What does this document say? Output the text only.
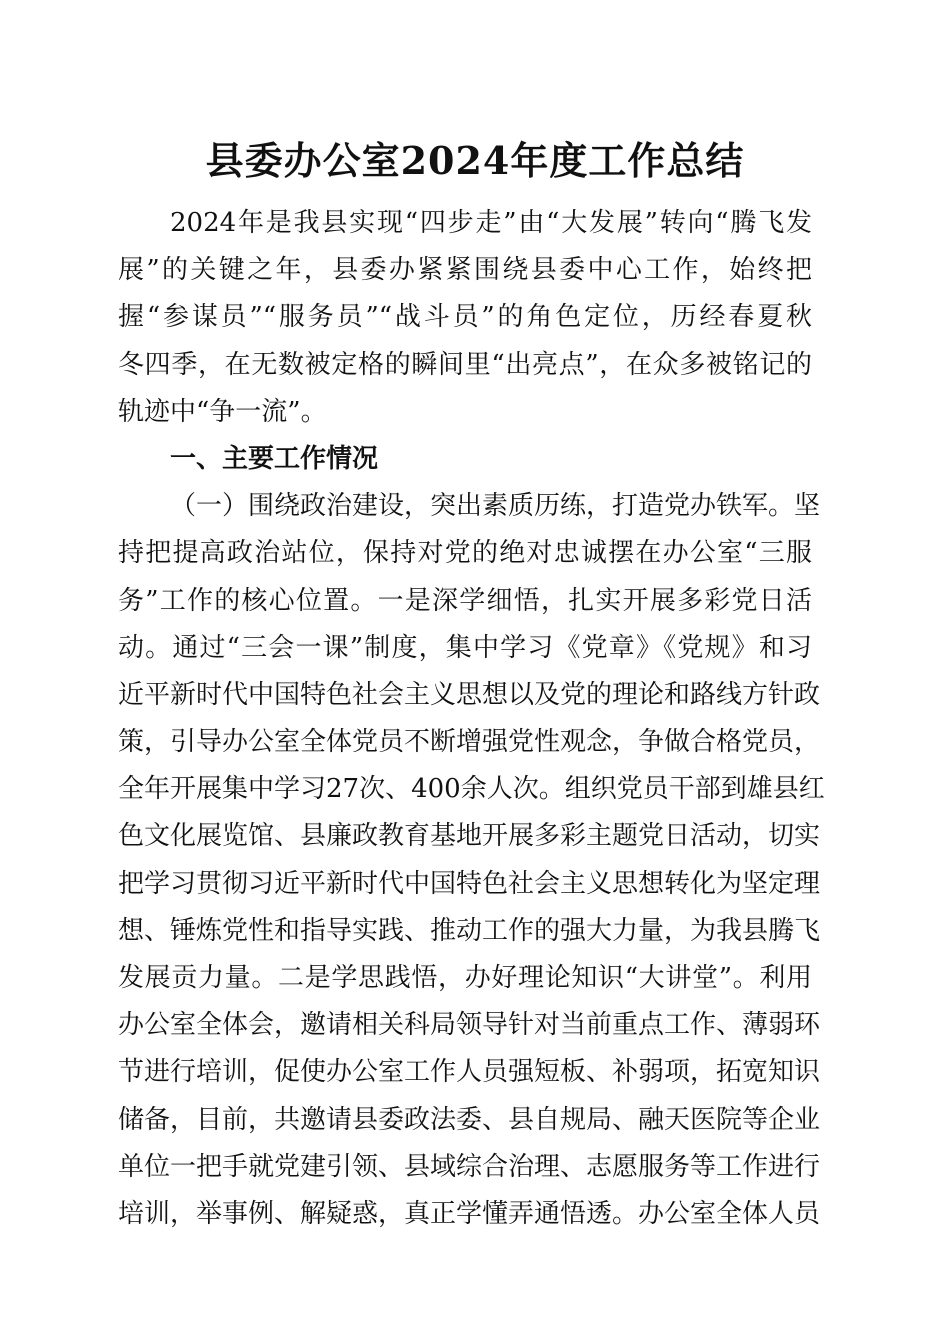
县委办公室2024年度工作总结
2024年是我县实现“四步走”由“大发展”转向“腾飞发
展”的关键之年，县委办紧紧围绕县委中心工作，始终把
握“参谋员”“服务员”“战斗员”的角色定位，历经春夏秋
冬四季，在无数被定格的瞬间里“出亮点”，在众多被铭记的
轨迹中“争一流”。
一、主要工作情况
（一）围绕政治建设，突出素质历练，打造党办铁军。坚
持把提高政治站位，保持对党的绝对忠诚摆在办公室“三服
务”工作的核心位置。一是深学细悟，扎实开展多彩党日活
动。通过“三会一课”制度，集中学习《党章》《党规》和习
近平新时代中国特色社会主义思想以及党的理论和路线方针政
策，引导办公室全体党员不断增强党性观念，争做合格党员，
全年开展集中学习27次、400余人次。组织党员干部到雄县红
色文化展览馆、县廉政教育基地开展多彩主题党日活动，切实
把学习贯彻习近平新时代中国特色社会主义思想转化为坚定理
想、锤炼党性和指导实践、推动工作的强大力量，为我县腾飞
发展贡力量。二是学思践悟，办好理论知识“大讲堂”。利用
办公室全体会，邀请相关科局领导针对当前重点工作、薄弱环
节进行培训，促使办公室工作人员强短板、补弱项，拓宽知识
储备，目前，共邀请县委政法委、县自规局、融天医院等企业
单位一把手就党建引领、县域综合治理、志愿服务等工作进行
培训，举事例、解疑惑，真正学懂弄通悟透。办公室全体人员
